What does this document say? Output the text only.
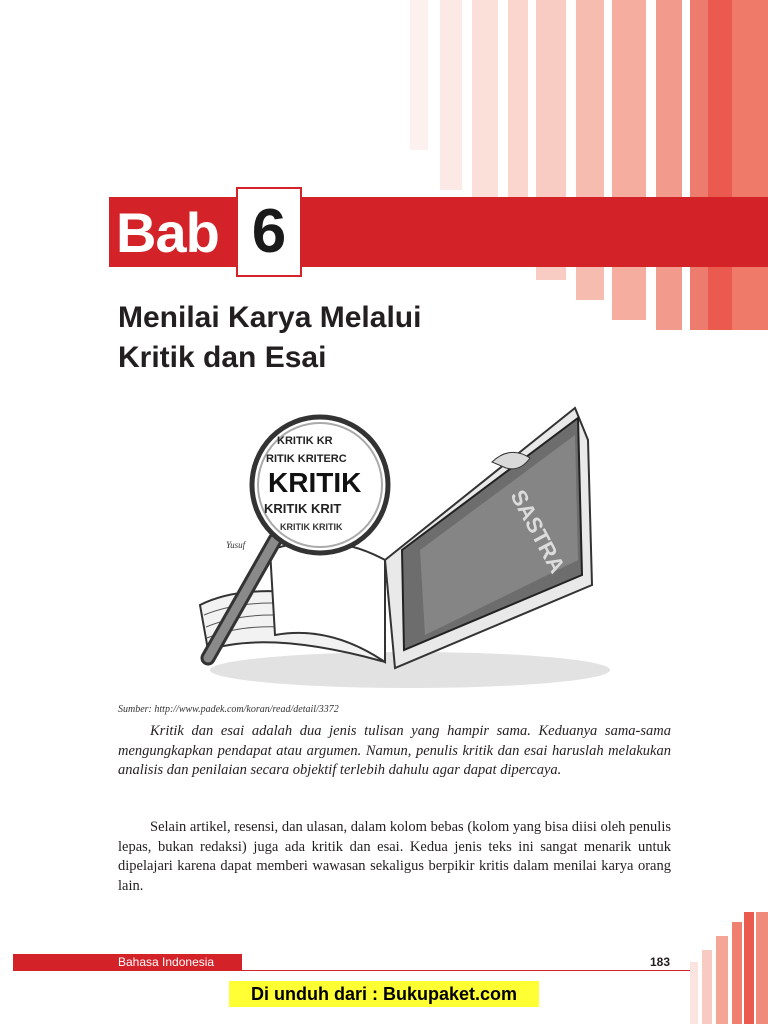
Bab 6
Menilai Karya Melalui
Kritik dan Esai
SASTRA
KRITIK KR
RITIK KRITERC
KRITIK
KRITIK KRIT
KRITIK KRITIK
Yusuf
Sumber: http://www.padek.com/koran/read/detail/3372

Kritik dan esai adalah dua jenis tulisan yang hampir sama. Keduanya sama-sama mengungkapkan pendapat atau argumen. Namun, penulis kritik dan esai haruslah melakukan analisis dan penilaian secara objektif terlebih dahulu agar dapat dipercaya.

Selain artikel, resensi, dan ulasan, dalam kolom bebas (kolom yang bisa diisi oleh penulis lepas, bukan redaksi) juga ada kritik dan esai. Kedua jenis teks ini sangat menarik untuk dipelajari karena dapat memberi wawasan sekaligus berpikir kritis dalam menilai karya orang lain.

Bahasa Indonesia	183
Di unduh dari : Bukupaket.com
